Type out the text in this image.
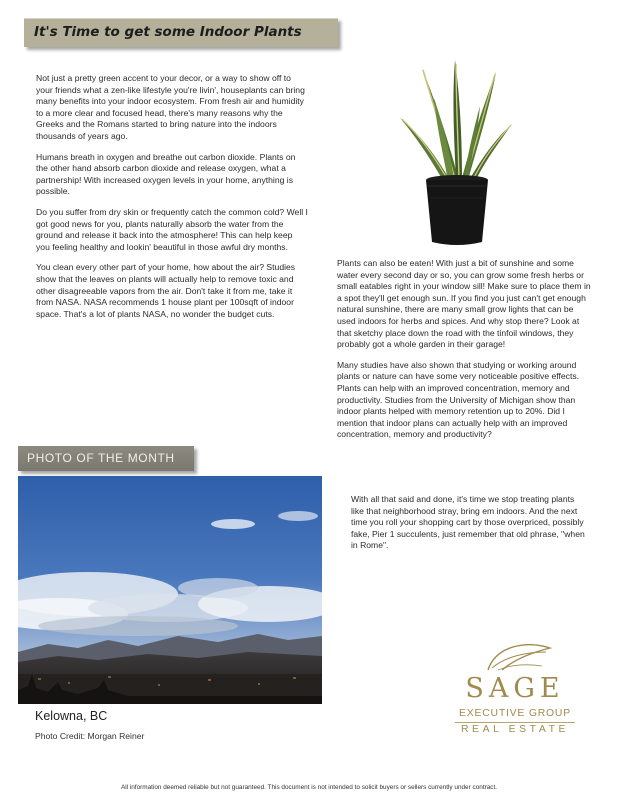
It's Time to get some Indoor Plants

Not just a pretty green accent to your decor, or a way to show off to your friends what a zen-like lifestyle you're livin', houseplants can bring many benefits into your indoor ecosystem. From fresh air and humidity to a more clear and focused head, there's many reasons why the Greeks and the Romans started to bring nature into the indoors thousands of years ago.

Humans breath in oxygen and breathe out carbon dioxide. Plants on the other hand absorb carbon dioxide and release oxygen, what a partnership! With increased oxygen levels in your home, anything is possible.

Do you suffer from dry skin or frequently catch the common cold? Well I got good news for you, plants naturally absorb the water from the ground and release it back into the atmosphere! This can help keep you feeling healthy and lookin' beautiful in those awful dry months.

You clean every other part of your home, how about the air? Studies show that the leaves on plants will actually help to remove toxic and other disagreeable vapors from the air. Don't take it from me, take it from NASA. NASA recommends 1 house plant per 100sqft of indoor space. That's a lot of plants NASA, no wonder the budget cuts.

Plants can also be eaten! With just a bit of sunshine and some water every second day or so, you can grow some fresh herbs or small eatables right in your window sill! Make sure to place them in a spot they'll get enough sun. If you find you just can't get enough natural sunshine, there are many small grow lights that can be used indoors for herbs and spices. And why stop there? Look at that sketchy place down the road with the tinfoil windows, they probably got a whole garden in their garage!

Many studies have also shown that studying or working around plants or nature can have some very noticeable positive effects. Plants can help with an improved concentration, memory and productivity. Studies from the University of Michigan show than indoor plants helped with memory retention up to 20%. Did I mention that indoor plans can actually help with an improved concentration, memory and productivity?

With all that said and done, it's time we stop treating plants like that neighborhood stray, bring em indoors. And the next time you roll your shopping cart by those overpriced, possibly fake, Pier 1 succulents, just remember that old phrase, "when in Rome".

PHOTO OF THE MONTH
Kelowna, BC
Photo Credit: Morgan Reiner
SAGE
EXECUTIVE GROUP
REAL ESTATE
All information deemed reliable but not guaranteed. This document is not intended to solicit buyers or sellers currently under contract.
